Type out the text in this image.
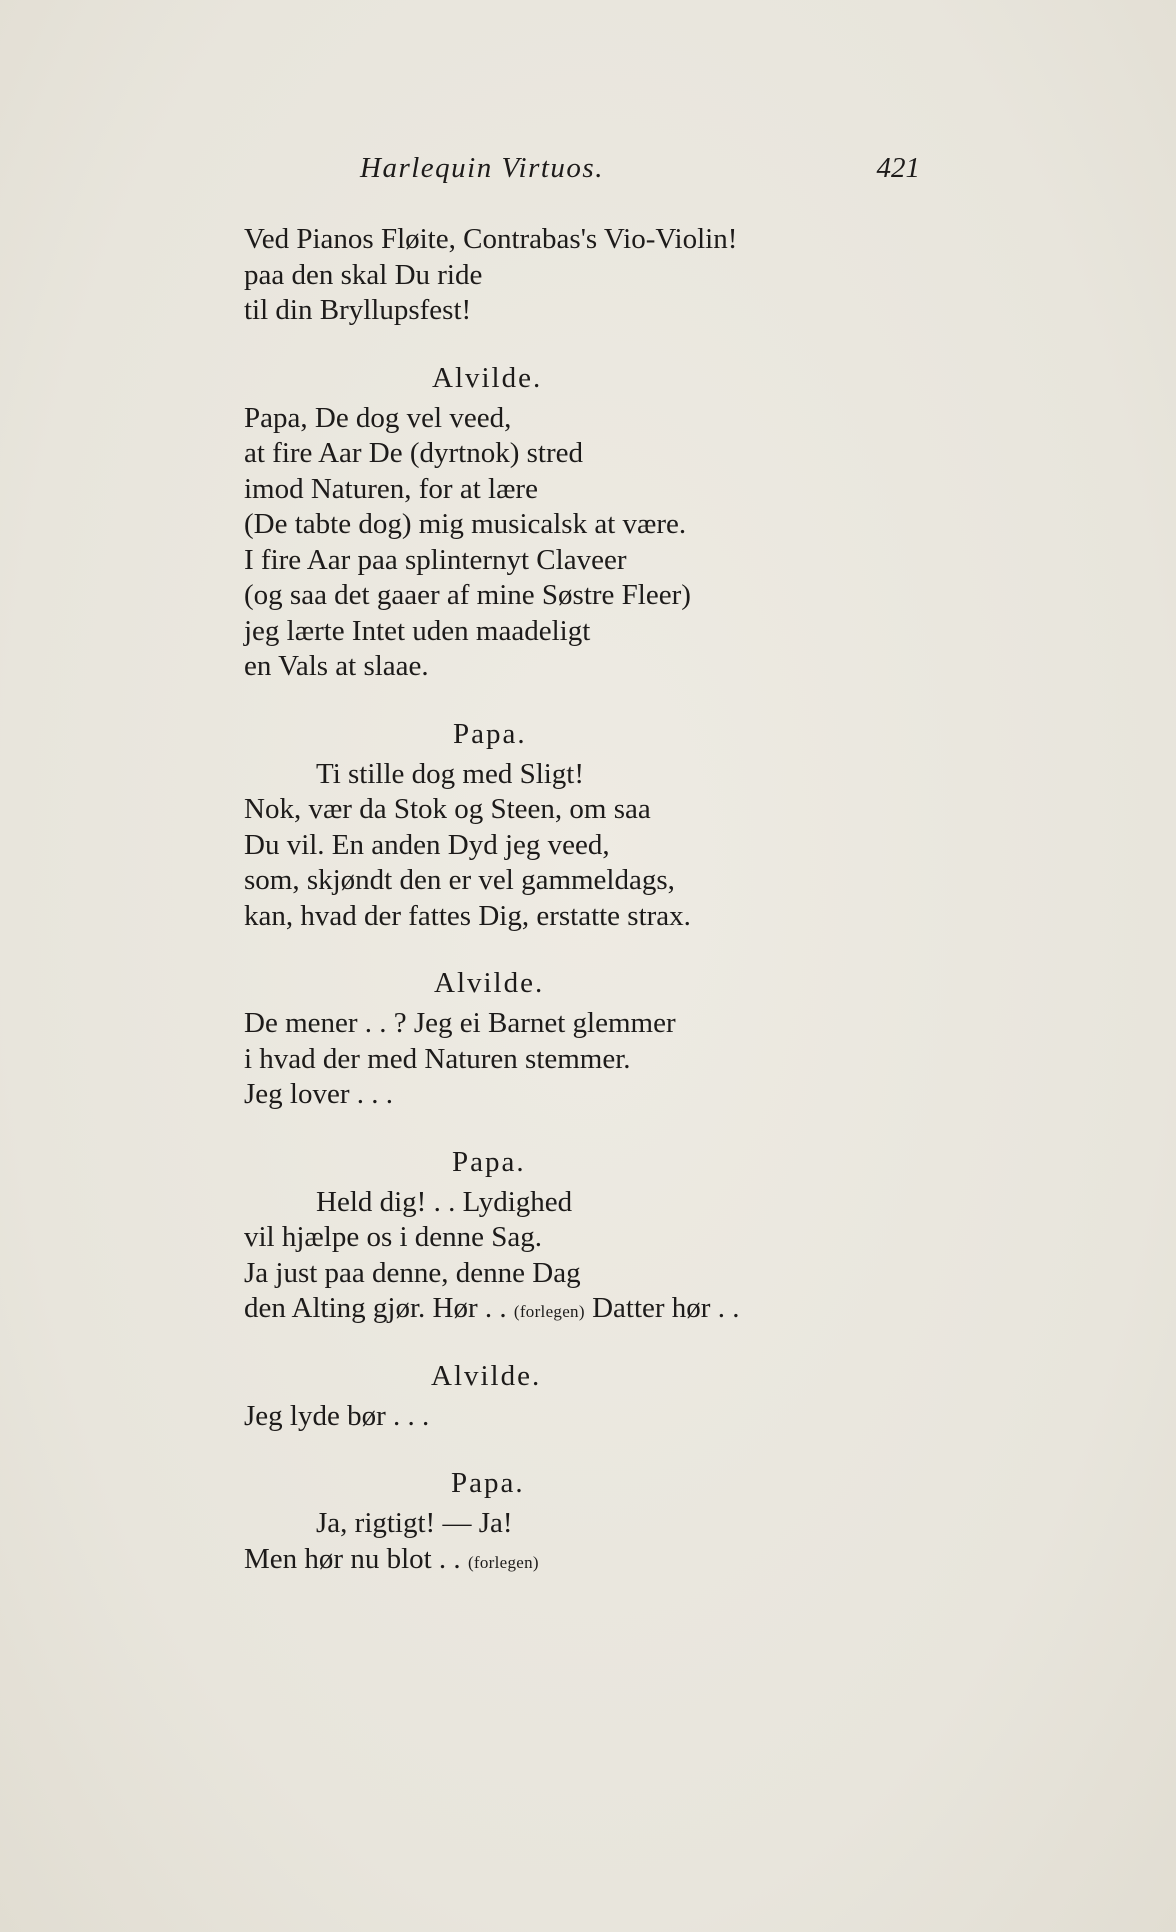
Harlequin Virtuos.	421
Ved Pianos Fløite, Contrabas's Vio-Violin!
paa den skal Du ride
til din Bryllupsfest!
Alvilde.
Papa, De dog vel veed,
at fire Aar De (dyrtnok) stred
imod Naturen, for at lære
(De tabte dog) mig musicalsk at være.
I fire Aar paa splinternyt Claveer
(og saa det gaaer af mine Søstre Fleer)
jeg lærte Intet uden maadeligt
en Vals at slaae.
Papa.
Ti stille dog med Sligt!
Nok, vær da Stok og Steen, om saa
Du vil. En anden Dyd jeg veed,
som, skjøndt den er vel gammeldags,
kan, hvad der fattes Dig, erstatte strax.
Alvilde.
De mener . . ? Jeg ei Barnet glemmer
i hvad der med Naturen stemmer.
Jeg lover . . .
Papa.
Held dig! . . Lydighed
vil hjælpe os i denne Sag.
Ja just paa denne, denne Dag
den Alting gjør. Hør . . (forlegen) Datter hør . .
Alvilde.
Jeg lyde bør . . .
Papa.
Ja, rigtigt! — Ja!
Men hør nu blot . . (forlegen)
